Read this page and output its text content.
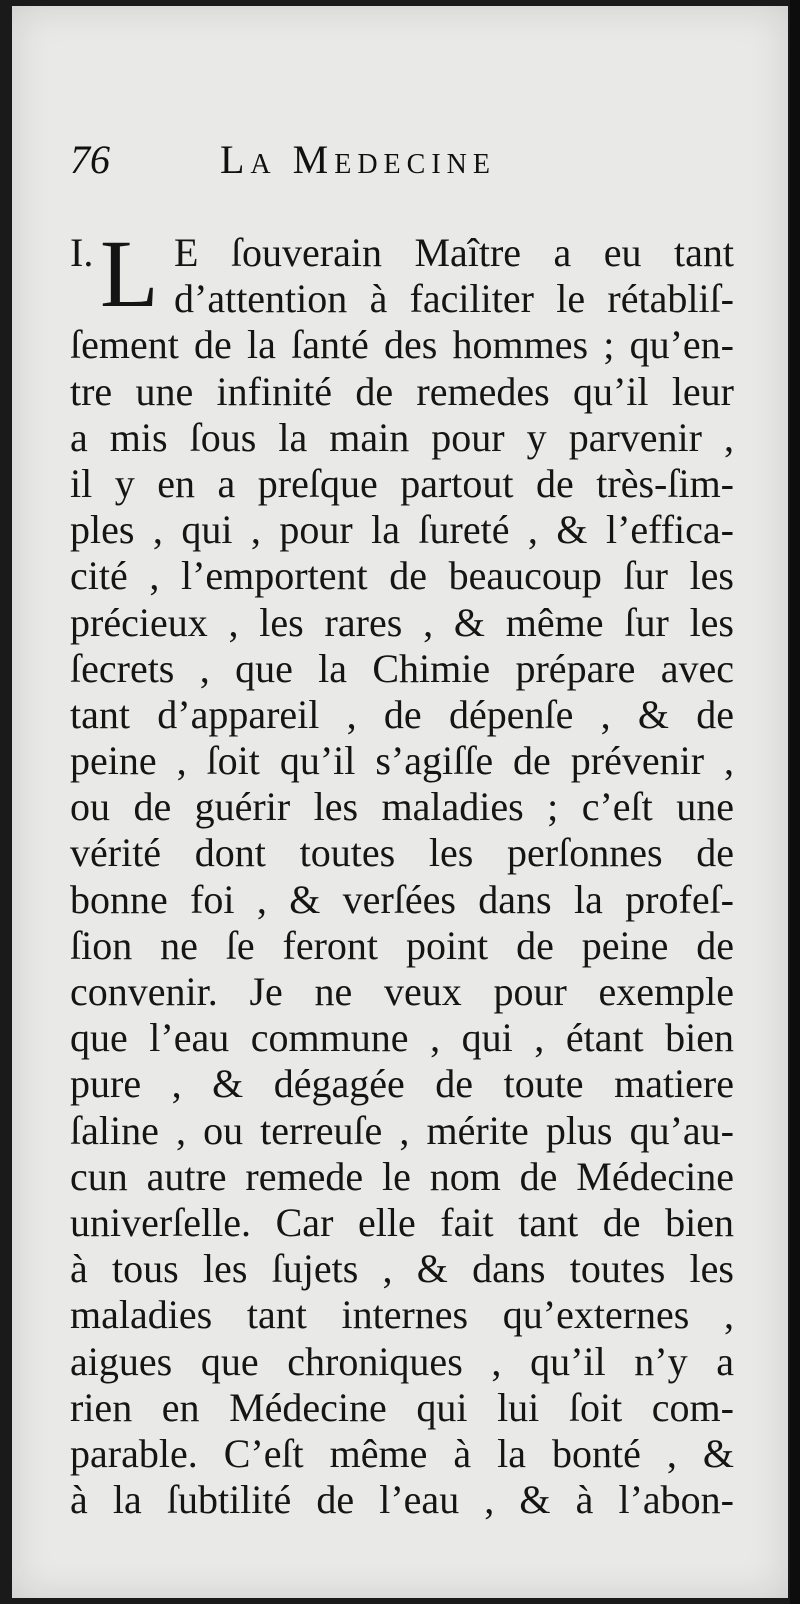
76	La Medecine
I. L E ſouverain Maître a eu tant
d’attention à faciliter le rétabliſ-
ſement de la ſanté des hommes ; qu’en-
tre une infinité de remedes qu’il leur
a mis ſous la main pour y parvenir ,
il y en a preſque partout de très-ſim-
ples , qui , pour la ſureté , & l’effica-
cité , l’emportent de beaucoup ſur les
précieux , les rares , & même ſur les
ſecrets , que la Chimie prépare avec
tant d’appareil , de dépenſe , & de
peine , ſoit qu’il s’agiſſe de prévenir ,
ou de guérir les maladies ; c’eſt une
vérité dont toutes les perſonnes de
bonne foi , & verſées dans la profeſ-
ſion ne ſe feront point de peine de
convenir. Je ne veux pour exemple
que l’eau commune , qui , étant bien
pure , & dégagée de toute matiere
ſaline , ou terreuſe , mérite plus qu’au-
cun autre remede le nom de Médecine
univerſelle. Car elle fait tant de bien
à tous les ſujets , & dans toutes les
maladies tant internes qu’externes ,
aigues que chroniques , qu’il n’y a
rien en Médecine qui lui ſoit com-
parable. C’eſt même à la bonté , &
à la ſubtilité de l’eau , & à l’abon-
